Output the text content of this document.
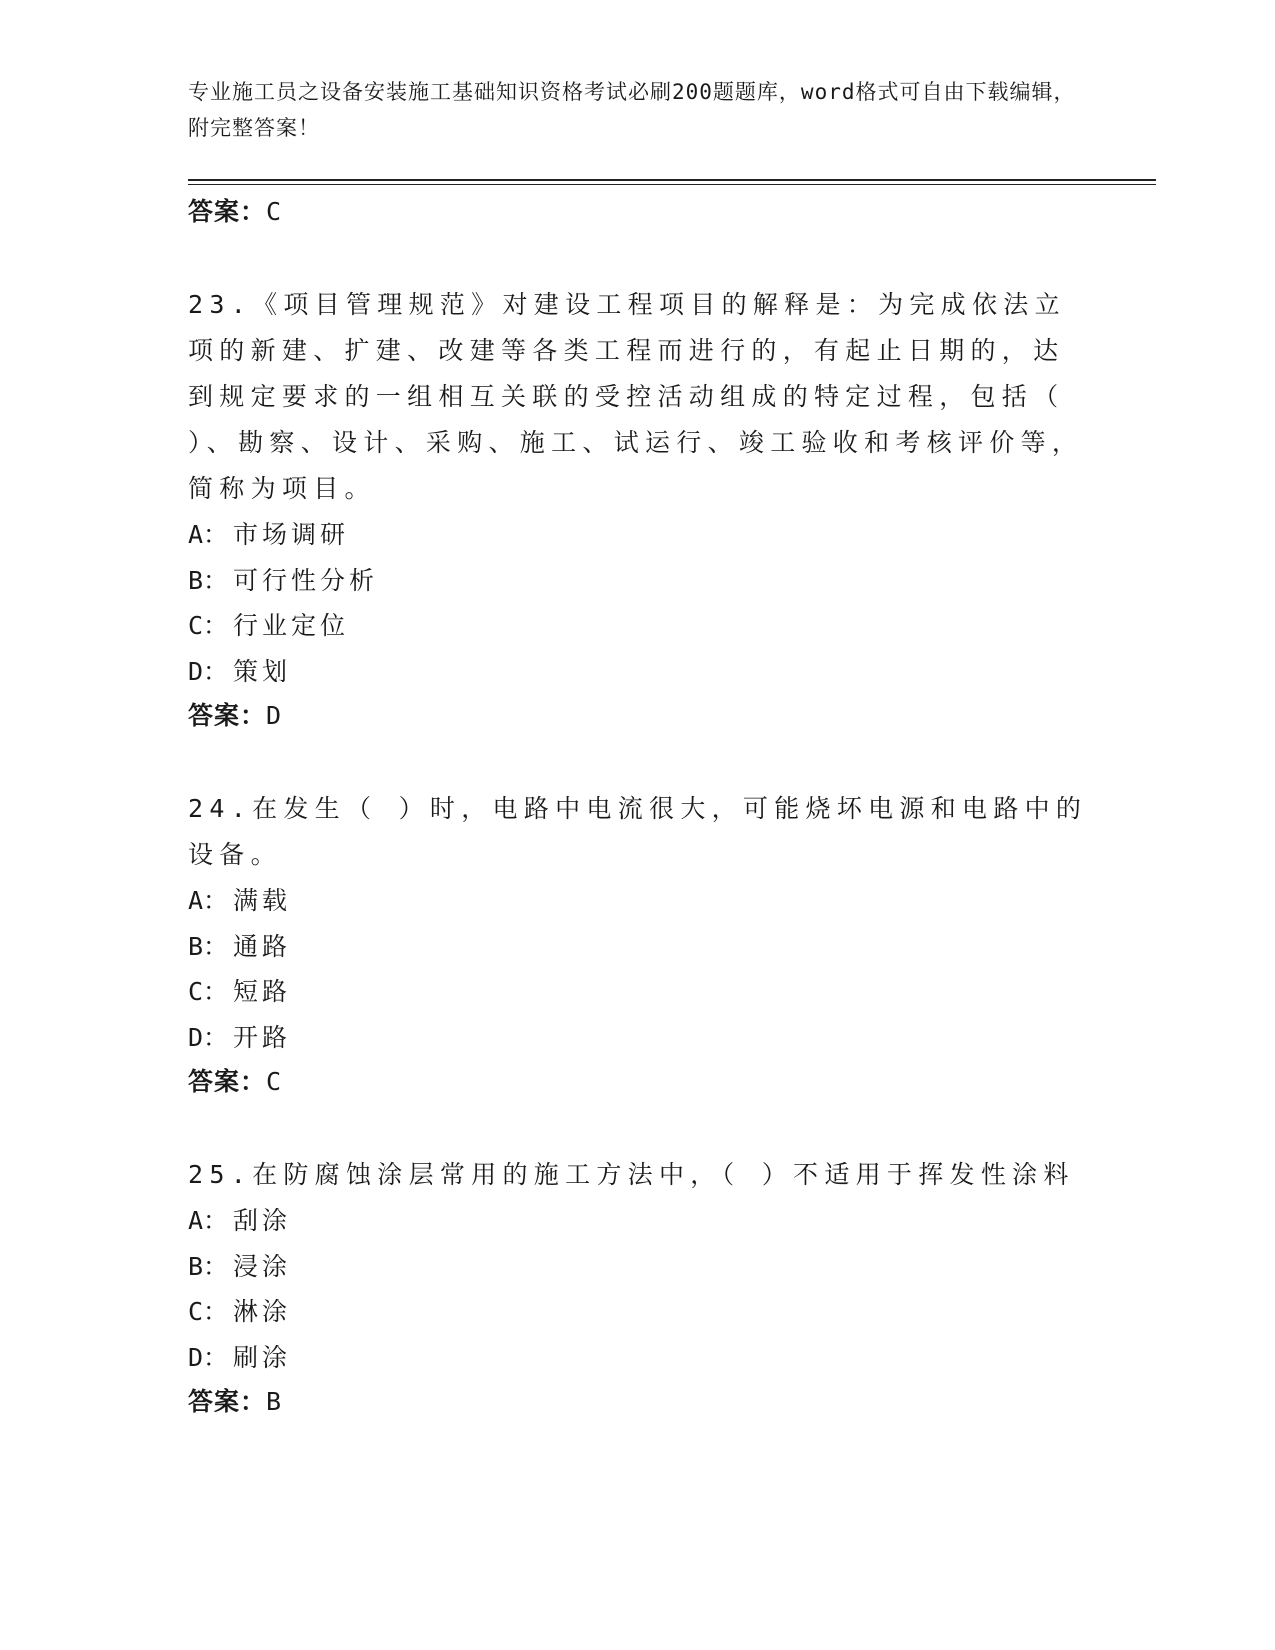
专业施工员之设备安装施工基础知识资格考试必刷200题题库，word格式可自由下载编辑，附完整答案！

答案：C

23.《项目管理规范》对建设工程项目的解释是：为完成依法立项的新建、扩建、改建等各类工程而进行的，有起止日期的，达到规定要求的一组相互关联的受控活动组成的特定过程，包括（ ）、勘察、设计、采购、施工、试运行、竣工验收和考核评价等，简称为项目。

A： 市场调研
B： 可行性分析
C： 行业定位
D： 策划

答案：D

24.在发生（ ）时，电路中电流很大，可能烧坏电源和电路中的设备。

A： 满载
B： 通路
C： 短路
D： 开路

答案：C

25.在防腐蚀涂层常用的施工方法中，（ ）不适用于挥发性涂料

A： 刮涂
B： 浸涂
C： 淋涂
D： 刷涂

答案：B
